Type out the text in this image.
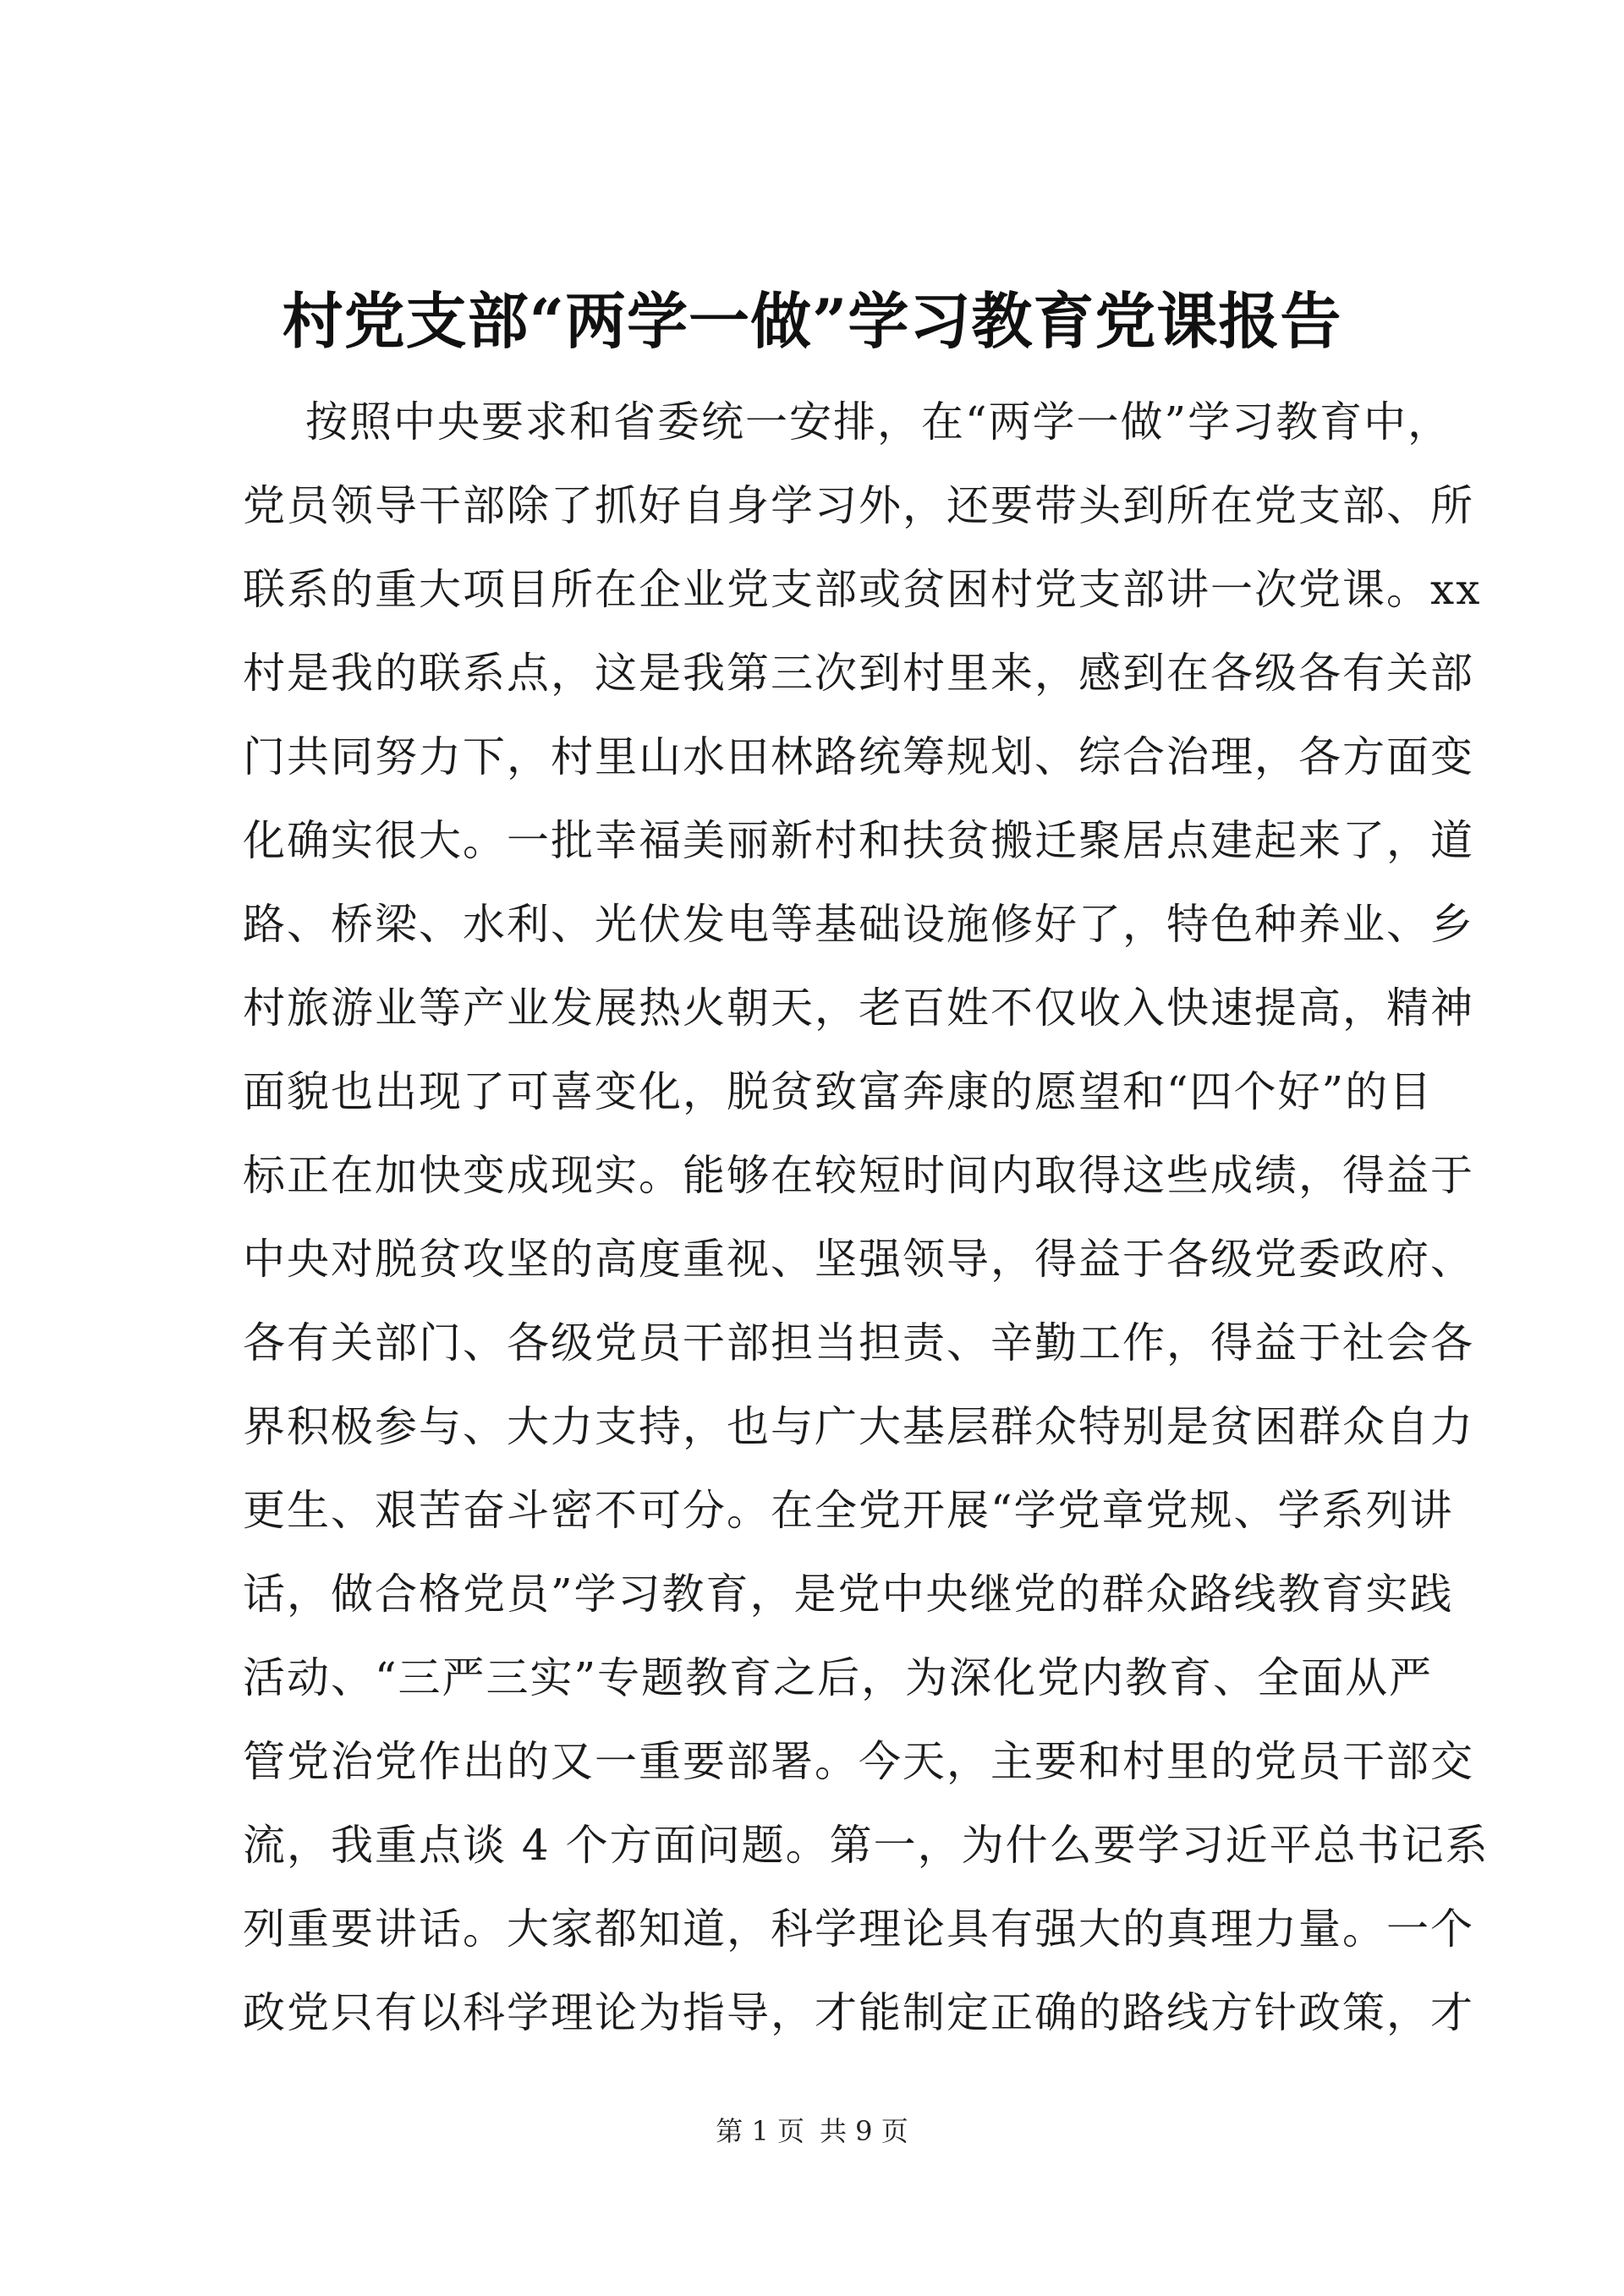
村党支部“两学一做”学习教育党课报告
按照中央要求和省委统一安排，在“两学一做”学习教育中，
党员领导干部除了抓好自身学习外，还要带头到所在党支部、所
联系的重大项目所在企业党支部或贫困村党支部讲一次党课。xx
村是我的联系点，这是我第三次到村里来，感到在各级各有关部
门共同努力下，村里山水田林路统筹规划、综合治理，各方面变
化确实很大。一批幸福美丽新村和扶贫搬迁聚居点建起来了，道
路、桥梁、水利、光伏发电等基础设施修好了，特色种养业、乡
村旅游业等产业发展热火朝天，老百姓不仅收入快速提高，精神
面貌也出现了可喜变化，脱贫致富奔康的愿望和“四个好”的目
标正在加快变成现实。能够在较短时间内取得这些成绩，得益于
中央对脱贫攻坚的高度重视、坚强领导，得益于各级党委政府、
各有关部门、各级党员干部担当担责、辛勤工作，得益于社会各
界积极参与、大力支持，也与广大基层群众特别是贫困群众自力
更生、艰苦奋斗密不可分。在全党开展“学党章党规、学系列讲
话，做合格党员”学习教育，是党中央继党的群众路线教育实践
活动、“三严三实”专题教育之后，为深化党内教育、全面从严
管党治党作出的又一重要部署。今天，主要和村里的党员干部交
流，我重点谈 4 个方面问题。第一，为什么要学习近平总书记系
列重要讲话。大家都知道，科学理论具有强大的真理力量。一个
政党只有以科学理论为指导，才能制定正确的路线方针政策，才
第 1 页 共 9 页
